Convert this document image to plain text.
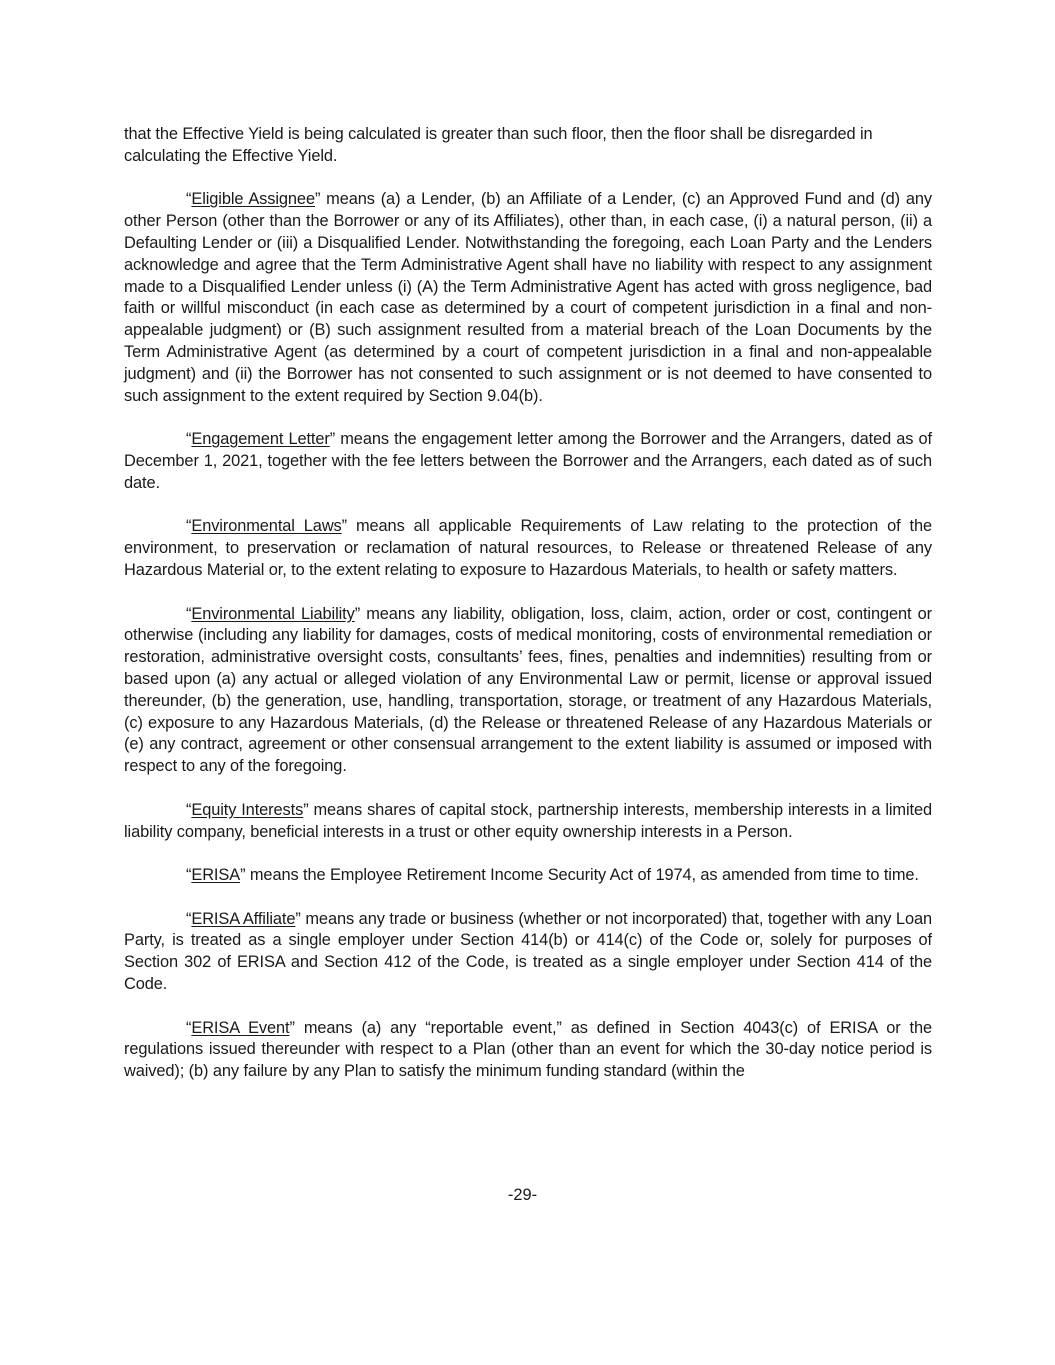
that the Effective Yield is being calculated is greater than such floor, then the floor shall be disregarded in calculating the Effective Yield.

“Eligible Assignee” means (a) a Lender, (b) an Affiliate of a Lender, (c) an Approved Fund and (d) any other Person (other than the Borrower or any of its Affiliates), other than, in each case, (i) a natural person, (ii) a Defaulting Lender or (iii) a Disqualified Lender. Notwithstanding the foregoing, each Loan Party and the Lenders acknowledge and agree that the Term Administrative Agent shall have no liability with respect to any assignment made to a Disqualified Lender unless (i) (A) the Term Administrative Agent has acted with gross negligence, bad faith or willful misconduct (in each case as determined by a court of competent jurisdiction in a final and non-appealable judgment) or (B) such assignment resulted from a material breach of the Loan Documents by the Term Administrative Agent (as determined by a court of competent jurisdiction in a final and non-appealable judgment) and (ii) the Borrower has not consented to such assignment or is not deemed to have consented to such assignment to the extent required by Section 9.04(b).

“Engagement Letter” means the engagement letter among the Borrower and the Arrangers, dated as of December 1, 2021, together with the fee letters between the Borrower and the Arrangers, each dated as of such date.

“Environmental Laws” means all applicable Requirements of Law relating to the protection of the environment, to preservation or reclamation of natural resources, to Release or threatened Release of any Hazardous Material or, to the extent relating to exposure to Hazardous Materials, to health or safety matters.

“Environmental Liability” means any liability, obligation, loss, claim, action, order or cost, contingent or otherwise (including any liability for damages, costs of medical monitoring, costs of environmental remediation or restoration, administrative oversight costs, consultants’ fees, fines, penalties and indemnities) resulting from or based upon (a) any actual or alleged violation of any Environmental Law or permit, license or approval issued thereunder, (b) the generation, use, handling, transportation, storage, or treatment of any Hazardous Materials, (c) exposure to any Hazardous Materials, (d) the Release or threatened Release of any Hazardous Materials or (e) any contract, agreement or other consensual arrangement to the extent liability is assumed or imposed with respect to any of the foregoing.

“Equity Interests” means shares of capital stock, partnership interests, membership interests in a limited liability company, beneficial interests in a trust or other equity ownership interests in a Person.

“ERISA” means the Employee Retirement Income Security Act of 1974, as amended from time to time.

“ERISA Affiliate” means any trade or business (whether or not incorporated) that, together with any Loan Party, is treated as a single employer under Section 414(b) or 414(c) of the Code or, solely for purposes of Section 302 of ERISA and Section 412 of the Code, is treated as a single employer under Section 414 of the Code.

“ERISA Event” means (a) any “reportable event,” as defined in Section 4043(c) of ERISA or the regulations issued thereunder with respect to a Plan (other than an event for which the 30-day notice period is waived); (b) any failure by any Plan to satisfy the minimum funding standard (within the

-29-
